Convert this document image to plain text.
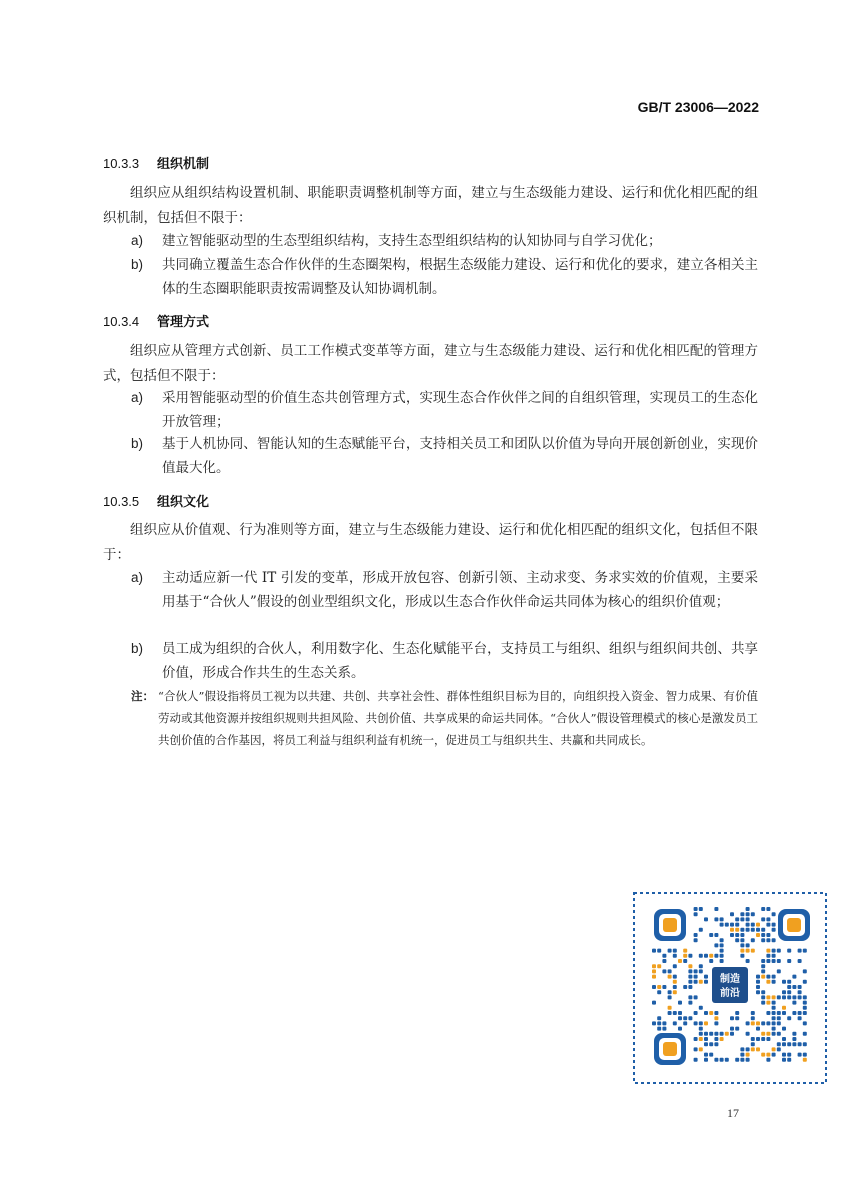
GB/T 23006—2022
10.3.3 组织机制
组织应从组织结构设置机制、职能职责调整机制等方面，建立与生态级能力建设、运行和优化相匹配的组织机制，包括但不限于：
a)	建立智能驱动型的生态型组织结构，支持生态型组织结构的认知协同与自学习优化；
b)	共同确立覆盖生态合作伙伴的生态圈架构，根据生态级能力建设、运行和优化的要求，建立各相关主体的生态圈职能职责按需调整及认知协调机制。
10.3.4 管理方式
组织应从管理方式创新、员工工作模式变革等方面，建立与生态级能力建设、运行和优化相匹配的管理方式，包括但不限于：
a)	采用智能驱动型的价值生态共创管理方式，实现生态合作伙伴之间的自组织管理，实现员工的生态化开放管理；
b)	基于人机协同、智能认知的生态赋能平台，支持相关员工和团队以价值为导向开展创新创业，实现价值最大化。
10.3.5 组织文化
组织应从价值观、行为准则等方面，建立与生态级能力建设、运行和优化相匹配的组织文化，包括但不限于：
a)	主动适应新一代 IT 引发的变革，形成开放包容、创新引领、主动求变、务求实效的价值观，主要采用基于“合伙人”假设的创业型组织文化，形成以生态合作伙伴命运共同体为核心的组织价值观；
b)	员工成为组织的合伙人，利用数字化、生态化赋能平台，支持员工与组织、组织与组织间共创、共享价值，形成合作共生的生态关系。
注： “合伙人”假设指将员工视为以共建、共创、共享社会性、群体性组织目标为目的，向组织投入资金、智力成果、有价值劳动或其他资源并按组织规则共担风险、共创价值、共享成果的命运共同体。“合伙人”假设管理模式的核心是激发员工共创价值的合作基因，将员工利益与组织利益有机统一，促进员工与组织共生、共赢和共同成长。
制造
前沿
17
